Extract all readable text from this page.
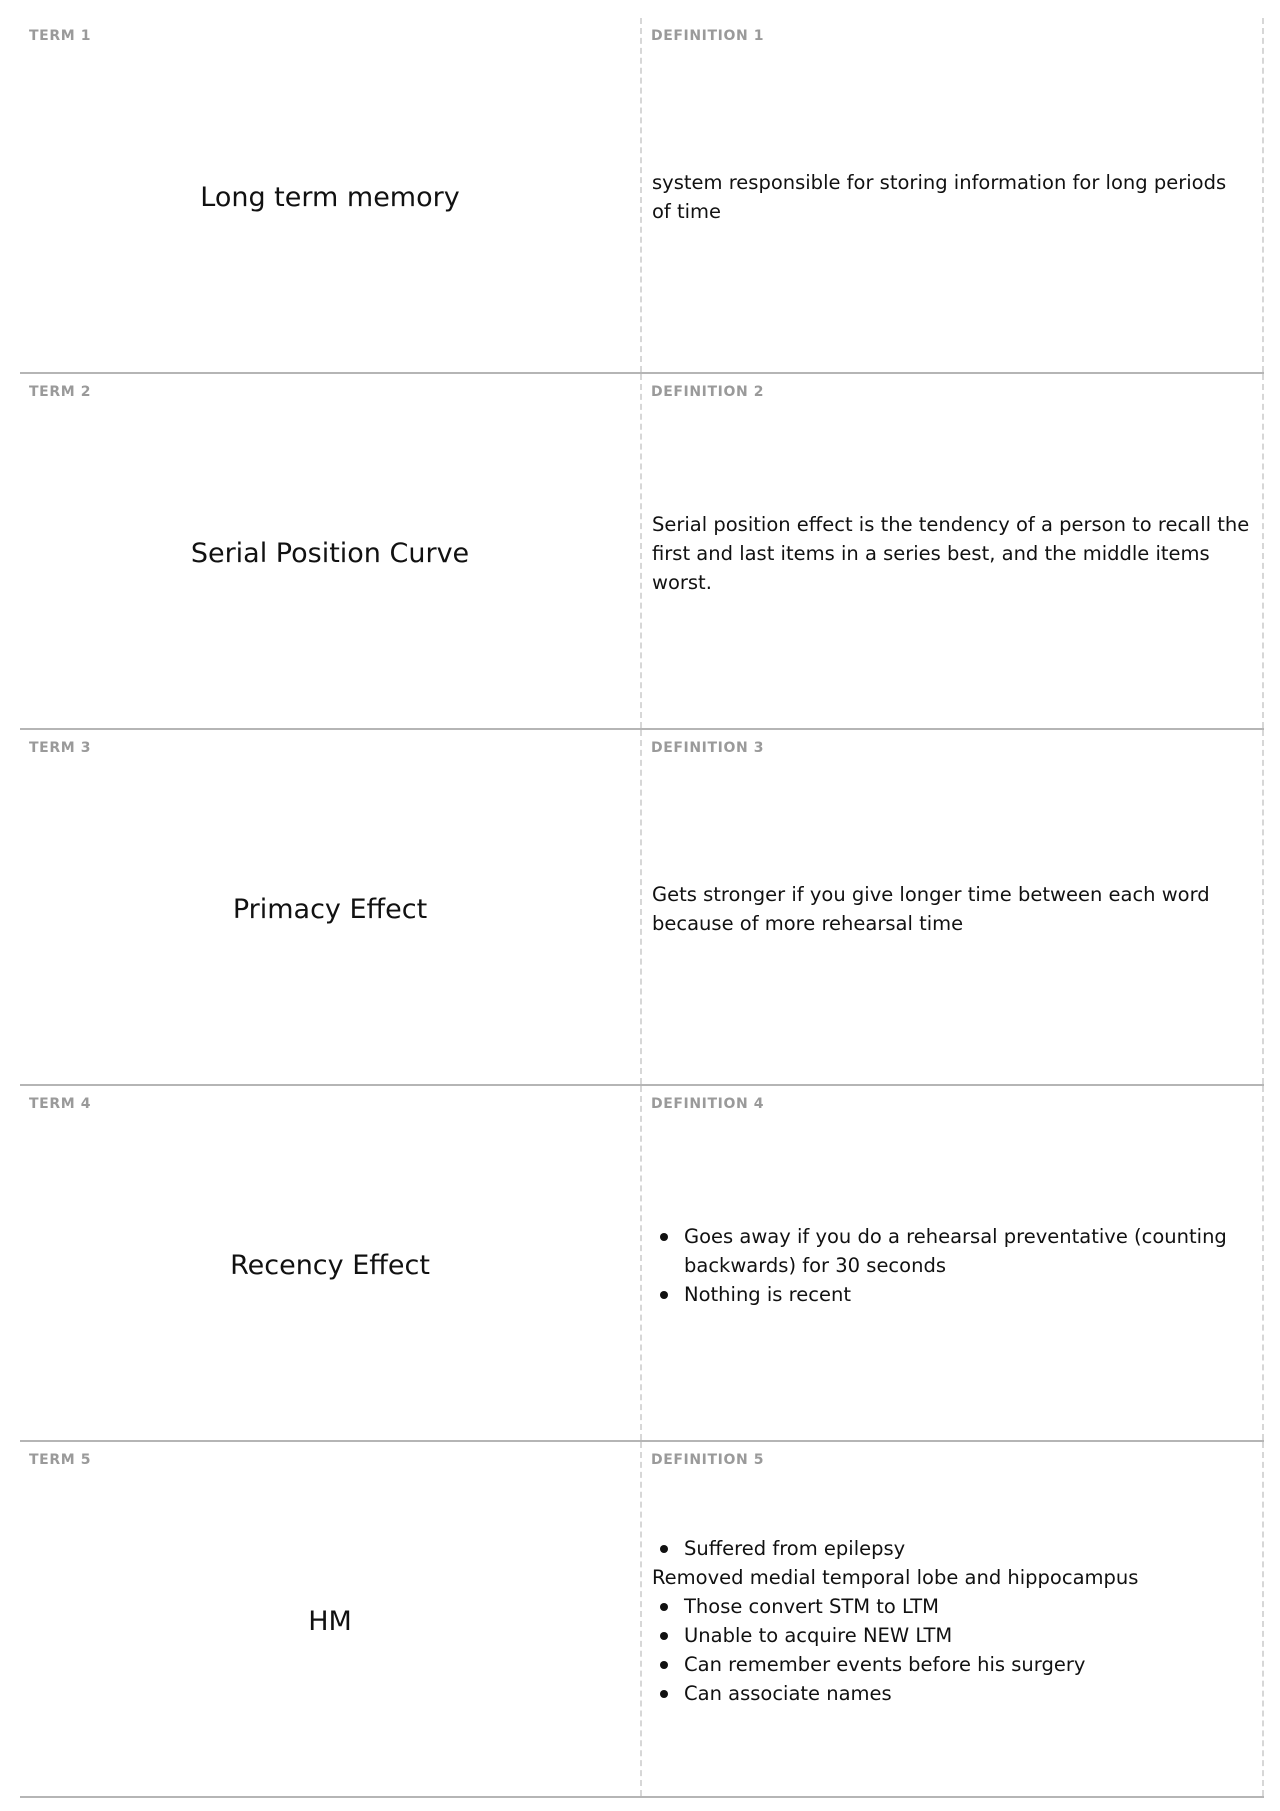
TERM 1
Long term memory
DEFINITION 1
system responsible for storing information for long periods of time
TERM 2
Serial Position Curve
DEFINITION 2
Serial position effect is the tendency of a person to recall the first and last items in a series best, and the middle items worst.
TERM 3
Primacy Effect
DEFINITION 3
Gets stronger if you give longer time between each word because of more rehearsal time
TERM 4
Recency Effect
DEFINITION 4
Goes away if you do a rehearsal preventative (counting backwards) for 30 seconds
Nothing is recent
TERM 5
HM
DEFINITION 5
Suffered from epilepsy
Removed medial temporal lobe and hippocampus
Those convert STM to LTM
Unable to acquire NEW LTM
Can remember events before his surgery
Can associate names
